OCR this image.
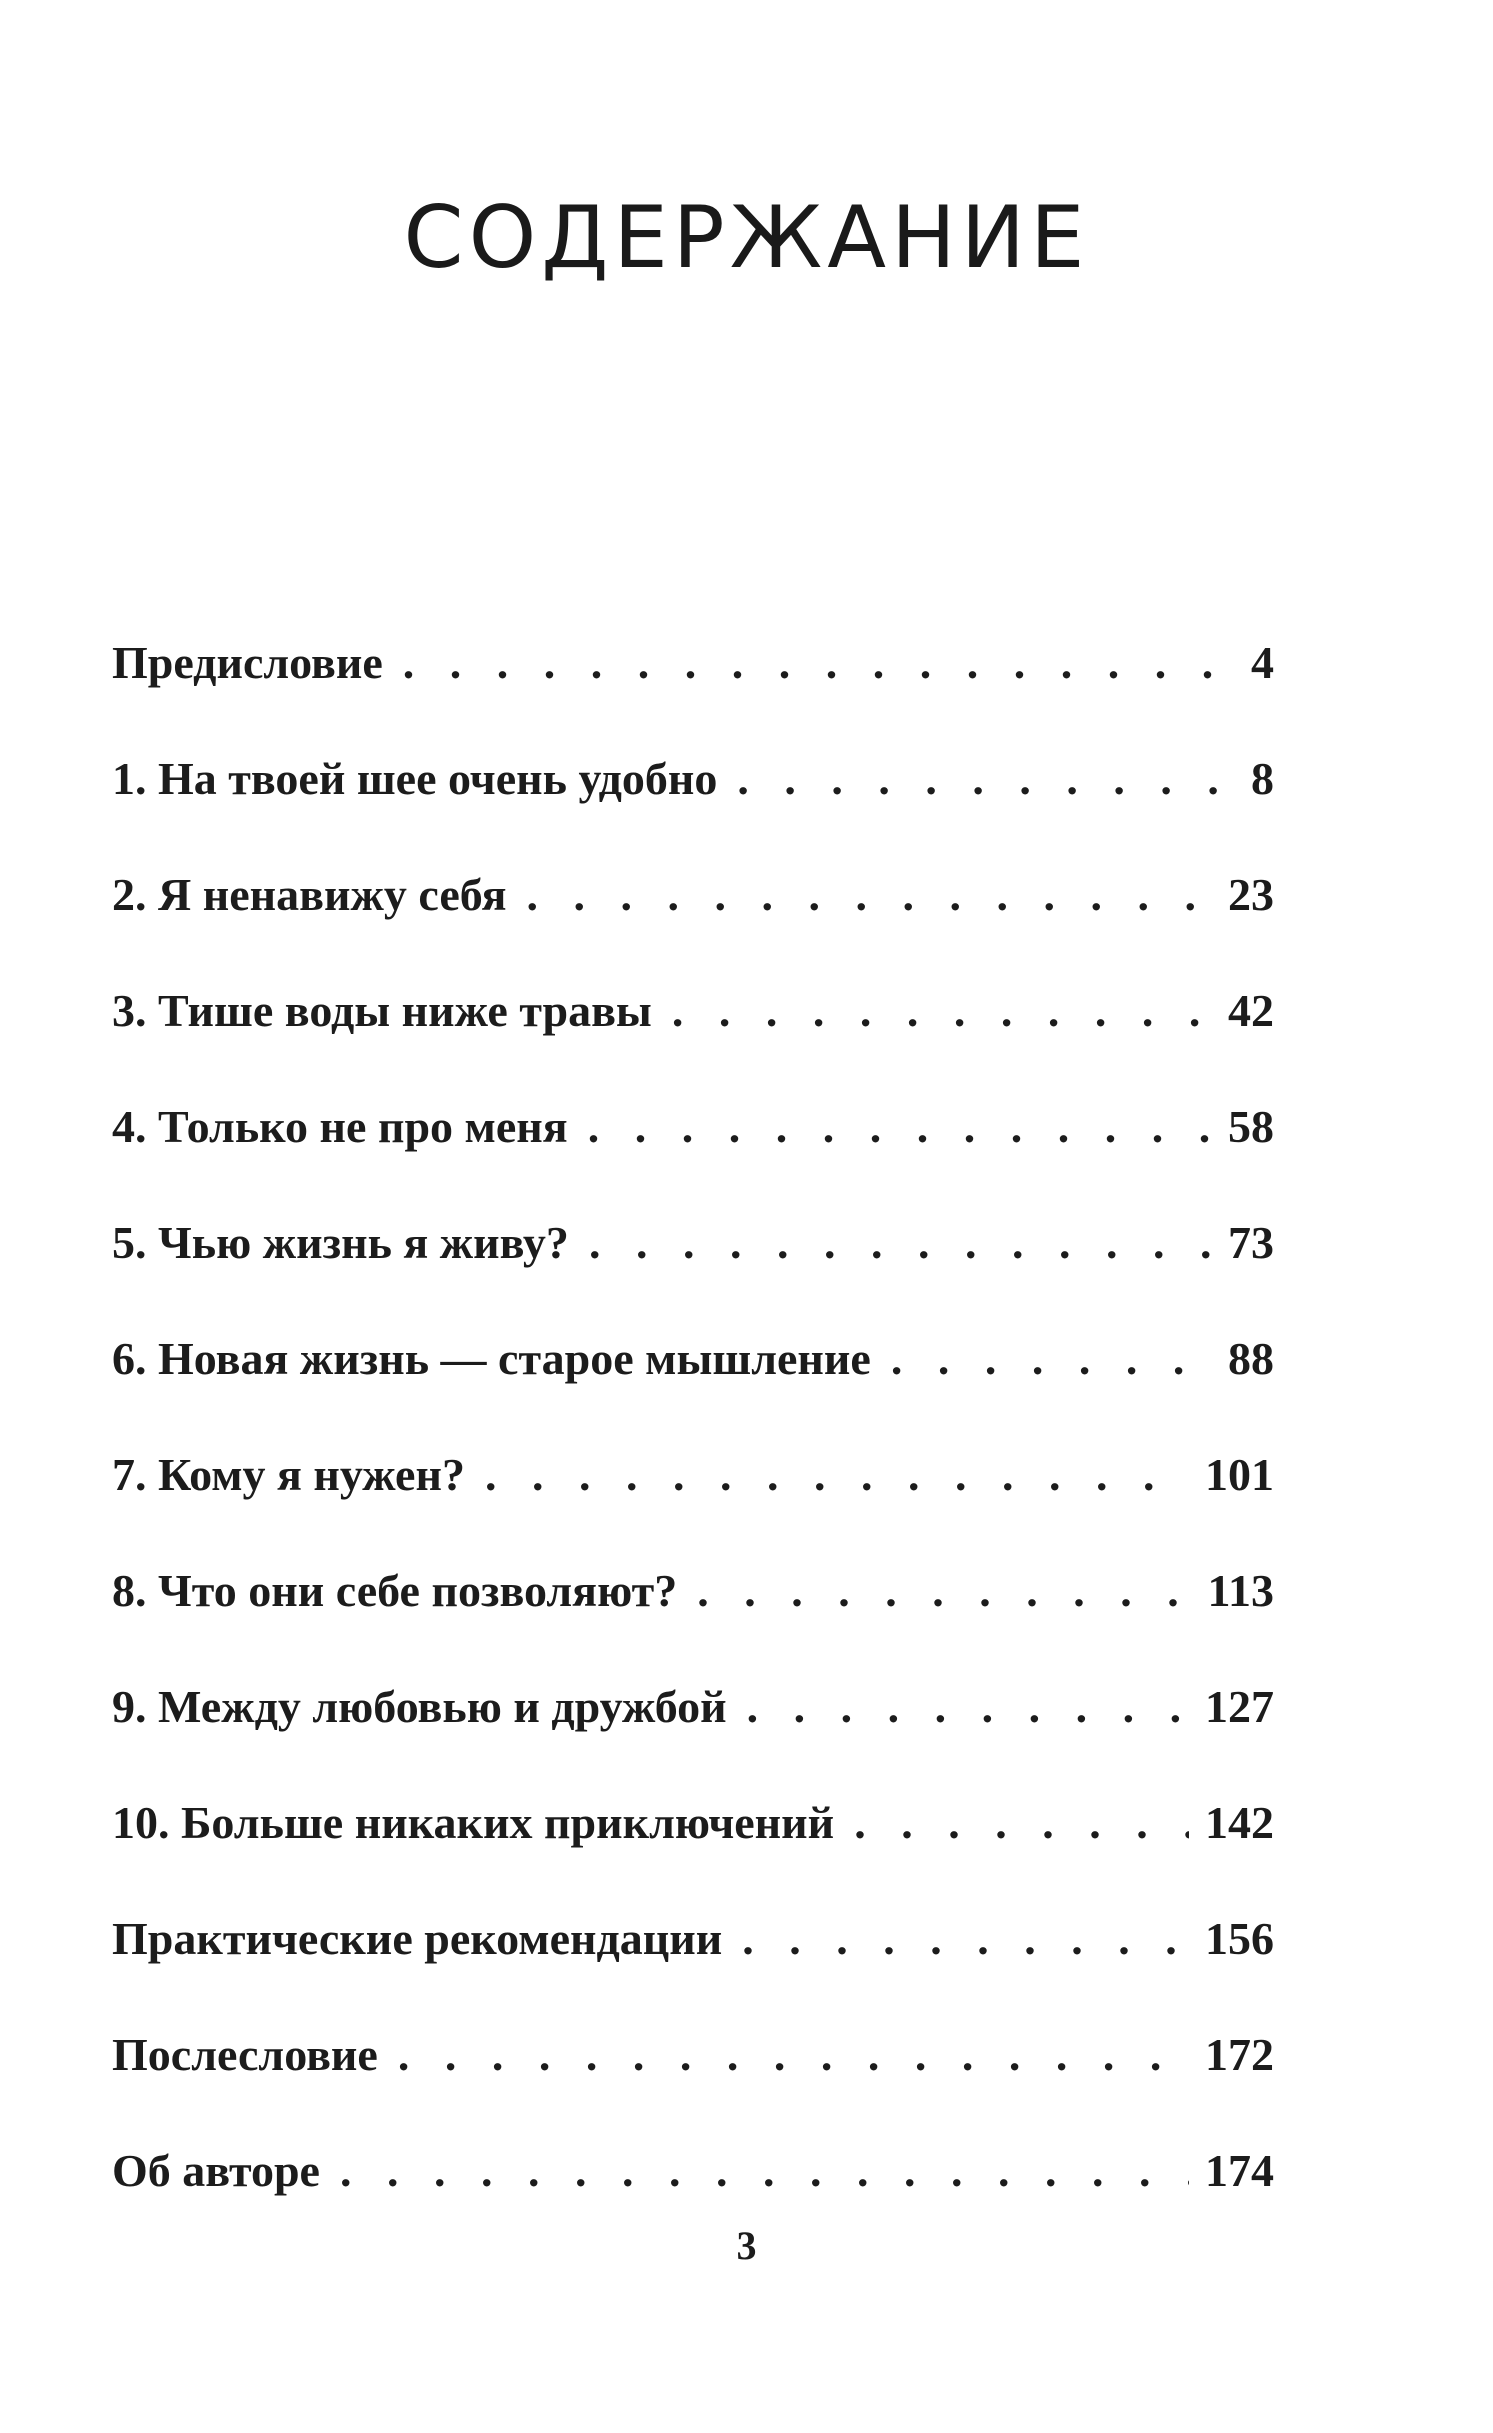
СОДЕРЖАНИЕ
Предисловие . . .	4
1. На твоей шее очень удобно . . .	8
2. Я ненавижу себя . . .	23
3. Тише воды ниже травы . . .	42
4. Только не про меня . . .	58
5. Чью жизнь я живу? . . .	73
6. Новая жизнь — старое мышление . . .	88
7. Кому я нужен? . . .	101
8. Что они себе позволяют? . . .	113
9. Между любовью и дружбой . . .	127
10. Больше никаких приключений . . .	142
Практические рекомендации . . .	156
Послесловие . . .	172
Об авторе . . .	174
3
